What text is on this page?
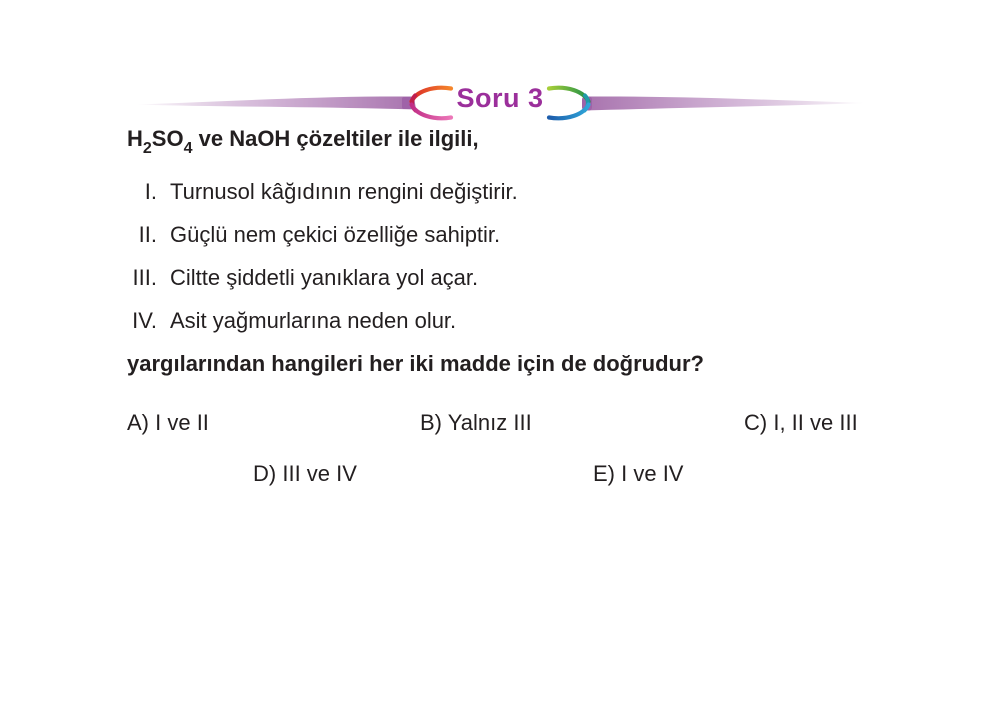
Soru 3

$H_2SO_4$ ve NaOH çözeltiler ile ilgili,

I. Turnusol kâğıdının rengini değiştirir.

II. Güçlü nem çekici özelliğe sahiptir.

III. Ciltte şiddetli yanıklara yol açar.

IV. Asit yağmurlarına neden olur.

yargılarından hangileri her iki madde için de doğrudur?

A) I ve II	B) Yalnız III	C) I, II ve III
D) III ve IV	E) I ve IV
